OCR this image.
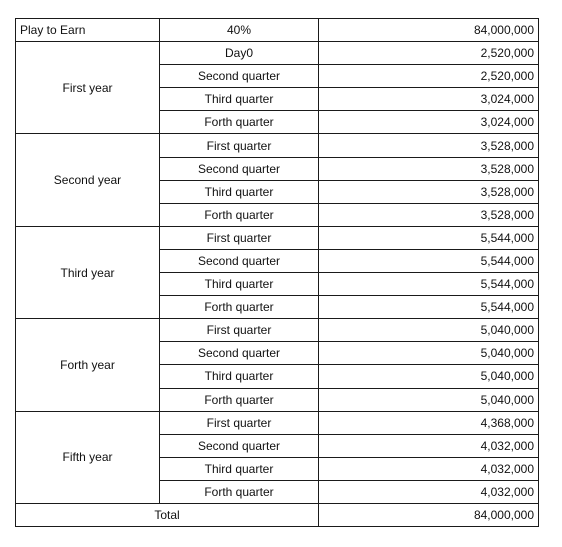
Play to Earn	40%	84,000,000
First year	Day0	2,520,000
	Second quarter	2,520,000
	Third quarter	3,024,000
	Forth quarter	3,024,000
Second year	First quarter	3,528,000
	Second quarter	3,528,000
	Third quarter	3,528,000
	Forth quarter	3,528,000
Third year	First quarter	5,544,000
	Second quarter	5,544,000
	Third quarter	5,544,000
	Forth quarter	5,544,000
Forth year	First quarter	5,040,000
	Second quarter	5,040,000
	Third quarter	5,040,000
	Forth quarter	5,040,000
Fifth year	First quarter	4,368,000
	Second quarter	4,032,000
	Third quarter	4,032,000
	Forth quarter	4,032,000
Total		84,000,000
